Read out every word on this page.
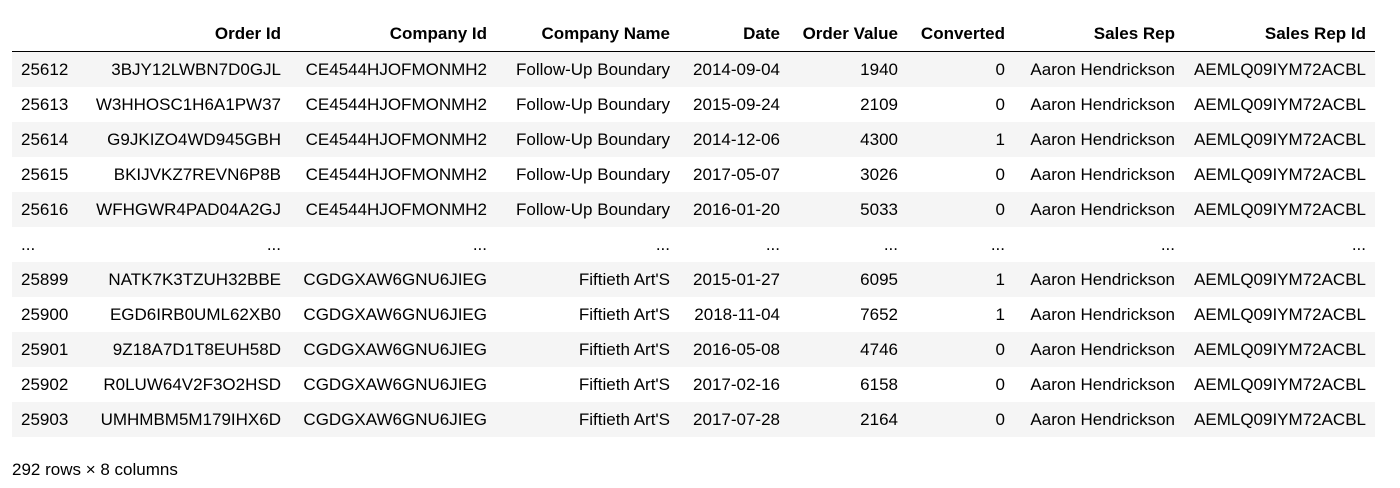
	Order Id	Company Id	Company Name	Date	Order Value	Converted	Sales Rep	Sales Rep Id
25612	3BJY12LWBN7D0GJL	CE4544HJOFMONMH2	Follow-Up Boundary	2014-09-04	1940	0	Aaron Hendrickson	AEMLQ09IYM72ACBL
25613	W3HHOSC1H6A1PW37	CE4544HJOFMONMH2	Follow-Up Boundary	2015-09-24	2109	0	Aaron Hendrickson	AEMLQ09IYM72ACBL
25614	G9JKIZO4WD945GBH	CE4544HJOFMONMH2	Follow-Up Boundary	2014-12-06	4300	1	Aaron Hendrickson	AEMLQ09IYM72ACBL
25615	BKIJVKZ7REVN6P8B	CE4544HJOFMONMH2	Follow-Up Boundary	2017-05-07	3026	0	Aaron Hendrickson	AEMLQ09IYM72ACBL
25616	WFHGWR4PAD04A2GJ	CE4544HJOFMONMH2	Follow-Up Boundary	2016-01-20	5033	0	Aaron Hendrickson	AEMLQ09IYM72ACBL
...	...	...	...	...	...	...	...	...
25899	NATK7K3TZUH32BBE	CGDGXAW6GNU6JIEG	Fiftieth Art'S	2015-01-27	6095	1	Aaron Hendrickson	AEMLQ09IYM72ACBL
25900	EGD6IRB0UML62XB0	CGDGXAW6GNU6JIEG	Fiftieth Art'S	2018-11-04	7652	1	Aaron Hendrickson	AEMLQ09IYM72ACBL
25901	9Z18A7D1T8EUH58D	CGDGXAW6GNU6JIEG	Fiftieth Art'S	2016-05-08	4746	0	Aaron Hendrickson	AEMLQ09IYM72ACBL
25902	R0LUW64V2F3O2HSD	CGDGXAW6GNU6JIEG	Fiftieth Art'S	2017-02-16	6158	0	Aaron Hendrickson	AEMLQ09IYM72ACBL
25903	UMHMBM5M179IHX6D	CGDGXAW6GNU6JIEG	Fiftieth Art'S	2017-07-28	2164	0	Aaron Hendrickson	AEMLQ09IYM72ACBL
292 rows × 8 columns
